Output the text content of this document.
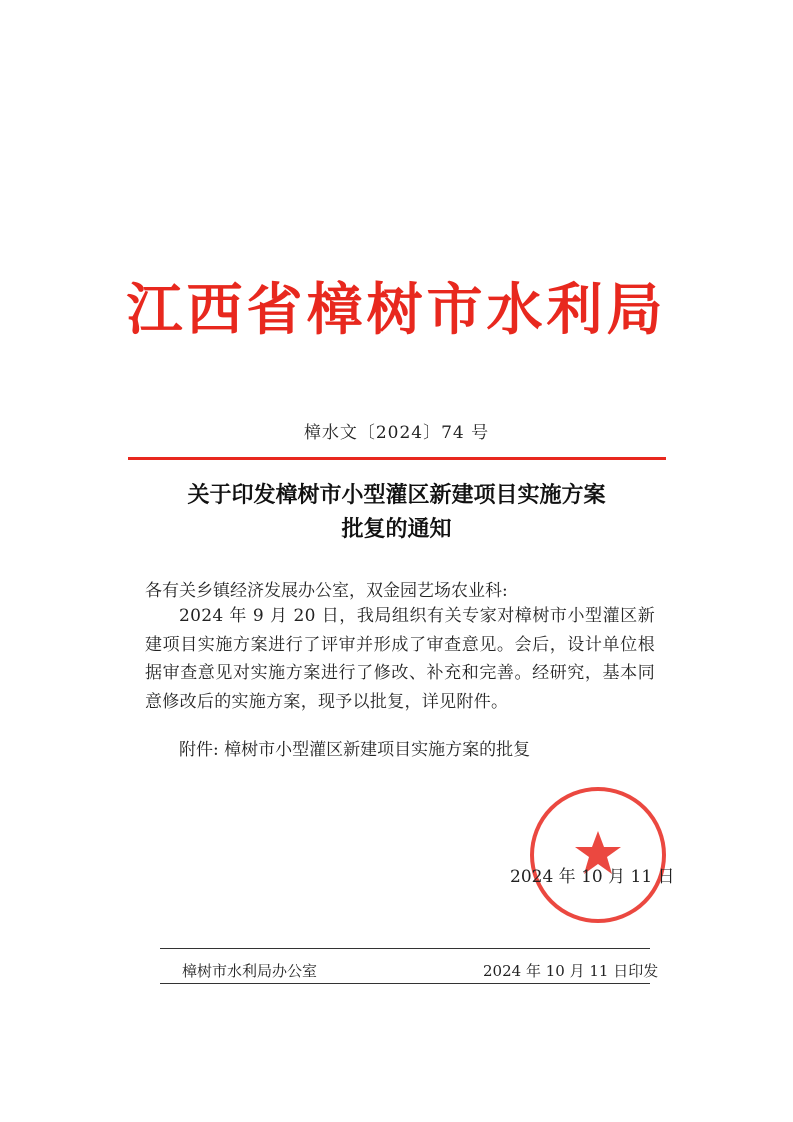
江西省樟树市水利局
樟水文〔2024〕74 号
关于印发樟树市小型灌区新建项目实施方案
批复的通知
各有关乡镇经济发展办公室，双金园艺场农业科:
2024 年 9 月 20 日，我局组织有关专家对樟树市小型灌区新建项目实施方案进行了评审并形成了审查意见。会后，设计单位根据审查意见对实施方案进行了修改、补充和完善。经研究，基本同意修改后的实施方案，现予以批复，详见附件。
附件: 樟树市小型灌区新建项目实施方案的批复
2024 年 10 月 11 日
樟树市水利局办公室	2024 年 10 月 11 日印发
